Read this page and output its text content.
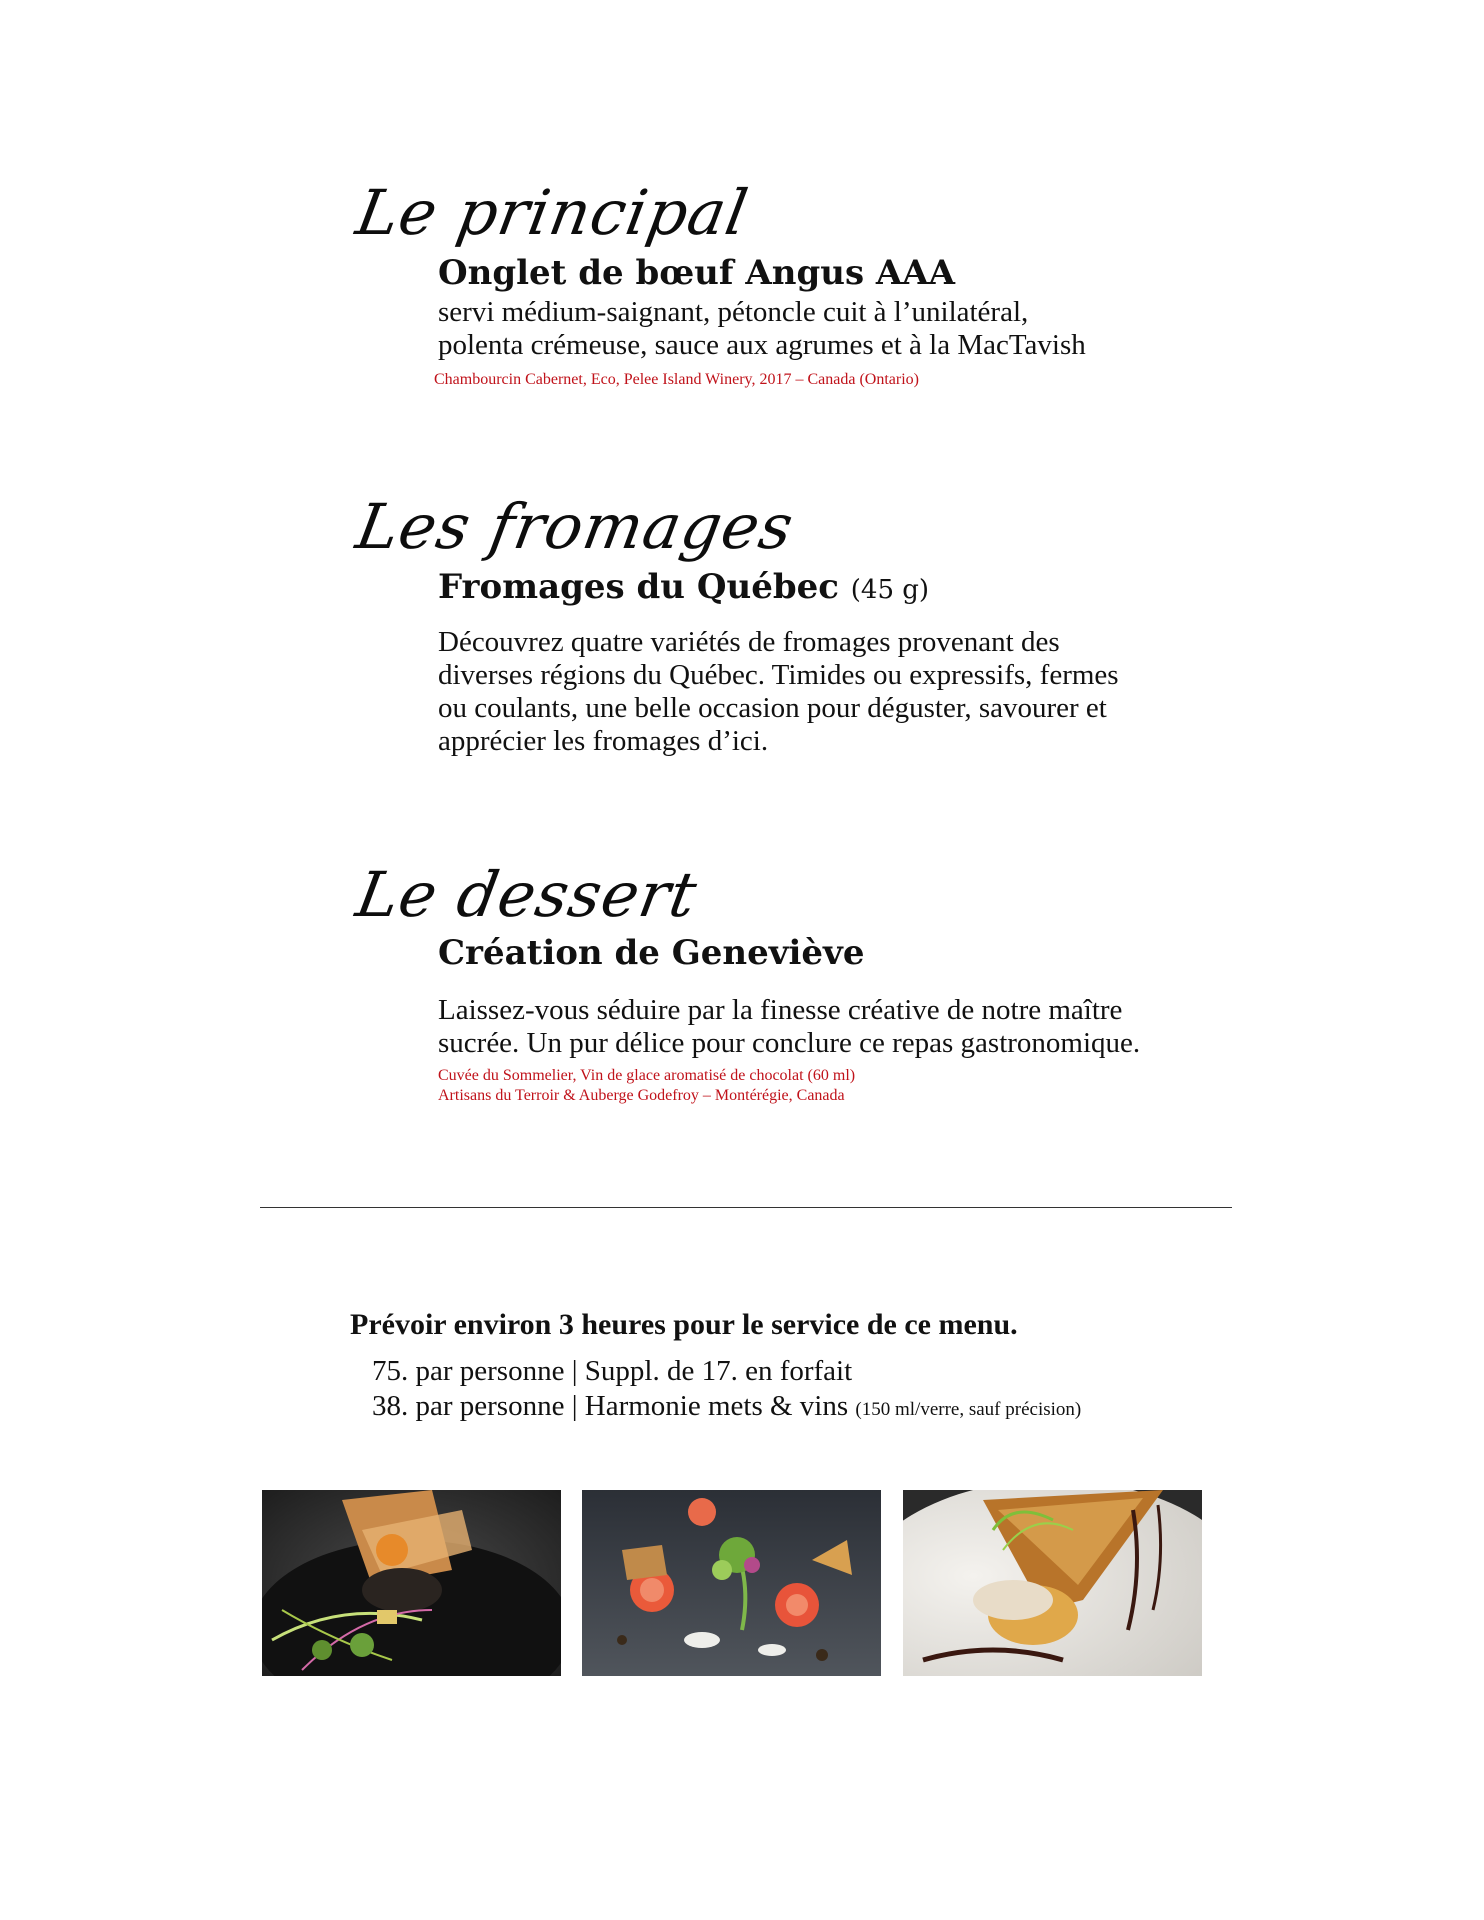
Le principal
Onglet de bœuf Angus AAA
servi médium-saignant, pétoncle cuit à l’unilatéral,
polenta crémeuse, sauce aux agrumes et à la MacTavish
Chambourcin Cabernet, Eco, Pelee Island Winery, 2017 – Canada (Ontario)
Les fromages
Fromages du Québec (45 g)
Découvrez quatre variétés de fromages provenant des
diverses régions du Québec. Timides ou expressifs, fermes
ou coulants, une belle occasion pour déguster, savourer et
apprécier les fromages d’ici.
Le dessert
Création de Geneviève
Laissez-vous séduire par la finesse créative de notre maître
sucrée. Un pur délice pour conclure ce repas gastronomique.
Cuvée du Sommelier, Vin de glace aromatisé de chocolat (60 ml)
Artisans du Terroir & Auberge Godefroy – Montérégie, Canada
Prévoir environ 3 heures pour le service de ce menu.
75. par personne | Suppl. de 17. en forfait
38. par personne | Harmonie mets & vins (150 ml/verre, sauf précision)
